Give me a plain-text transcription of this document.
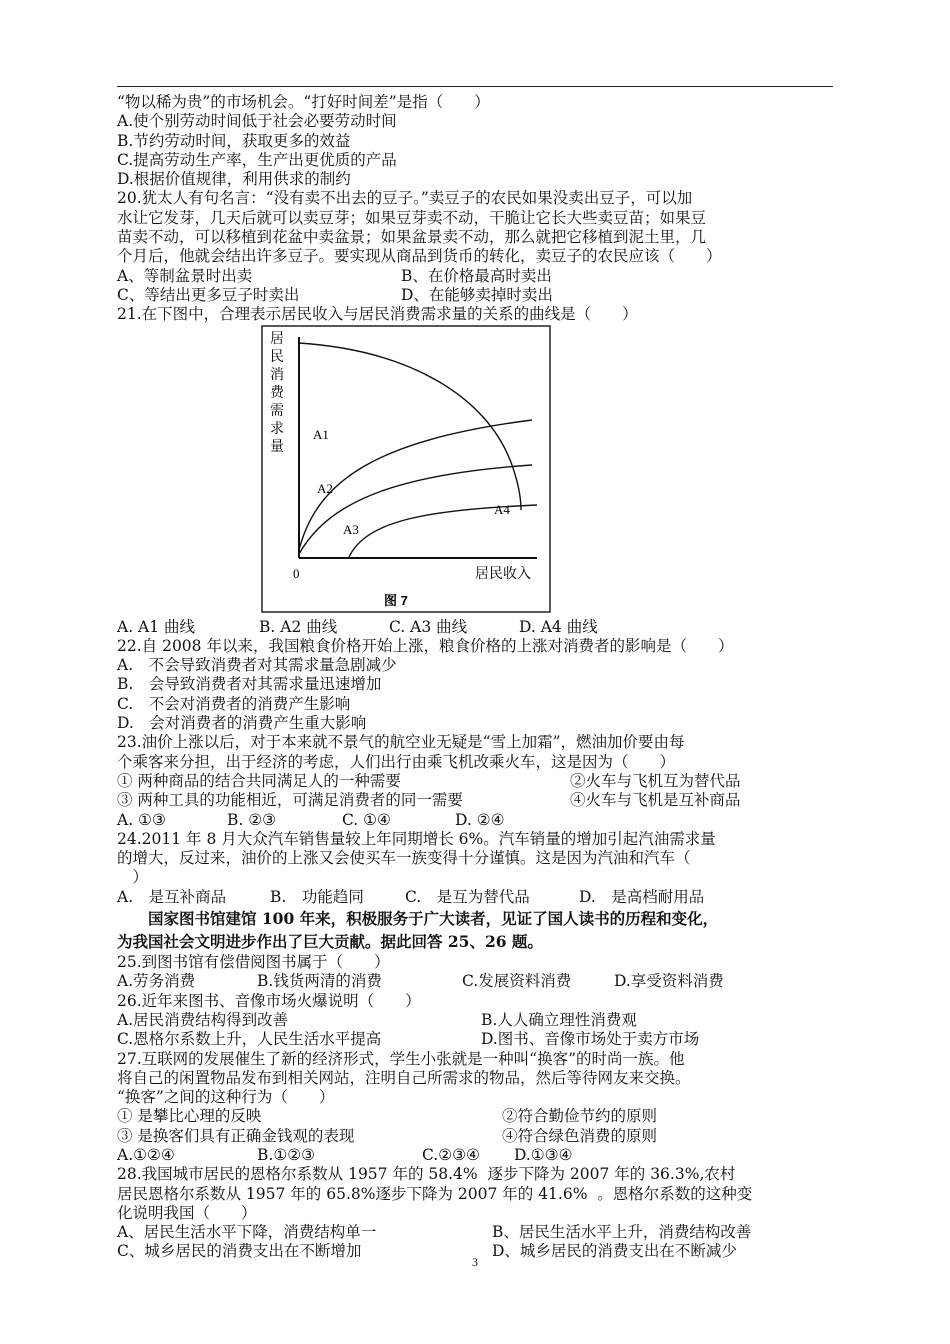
“物以稀为贵”的市场机会。“打好时间差”是指（　　）
A.使个别劳动时间低于社会必要劳动时间
B.节约劳动时间，获取更多的效益
C.提高劳动生产率，生产出更优质的产品
D.根据价值规律，利用供求的制约
20.犹太人有句名言：“没有卖不出去的豆子。”卖豆子的农民如果没卖出豆子，可以加
水让它发芽，几天后就可以卖豆芽；如果豆芽卖不动，干脆让它长大些卖豆苗；如果豆
苗卖不动，可以移植到花盆中卖盆景；如果盆景卖不动，那么就把它移植到泥土里，几
个月后，他就会结出许多豆子。要实现从商品到货币的转化，卖豆子的农民应该（　　）

A、等制盆景时出卖

	B、在价格最高时卖出

C、等结出更多豆子时卖出

	D、在能够卖掉时卖出

21.在下图中，合理表示居民收入与居民消费需求量的关系的曲线是（　　）
居 民 消 费 需 求 量
A1
A2
A3
A4
0	居民收入
图 7

A. A1 曲线

	B. A2 曲线

	C. A3 曲线

	D. A4 曲线

22.自 2008 年以来，我国粮食价格开始上涨，粮食价格的上涨对消费者的影响是（　　）
A.　不会导致消费者对其需求量急剧减少
B.　会导致消费者对其需求量迅速增加
C.　不会对消费者的消费产生影响
D.　会对消费者的消费产生重大影响
23.油价上涨以后，对于本来就不景气的航空业无疑是“雪上加霜”，燃油加价要由每
个乘客来分担，出于经济的考虑，人们出行由乘飞机改乘火车，这是因为（　　）

① 两种商品的结合共同满足人的一种需要

	②火车与飞机互为替代品

③ 两种工具的功能相近，可满足消费者的同一需要

	④火车与飞机是互补商品

A. ①③

	B. ②③

	C. ①④

	D. ②④

24.2011 年 8 月大众汽车销售量较上年同期增长 6%。汽车销量的增加引起汽油需求量
的增大，反过来，油价的上涨又会使买车一族变得十分谨慎。这是因为汽油和汽车（
　）

A.　是互补商品

	B.　功能趋同

	C.　是互为替代品

	D.　是高档耐用品

　　国家图书馆建馆 100 年来，积极服务于广大读者，见证了国人读书的历程和变化，
为我国社会文明进步作出了巨大贡献。据此回答 25、26 题。
25.到图书馆有偿借阅图书属于（　　）

A.劳务消费

	B.钱货两清的消费

	C.发展资料消费

	D.享受资料消费

26.近年来图书、音像市场火爆说明（　　）

A.居民消费结构得到改善

	B.人人确立理性消费观

C.恩格尔系数上升，人民生活水平提高

	D.图书、音像市场处于卖方市场

27.互联网的发展催生了新的经济形式，学生小张就是一种叫“换客”的时尚一族。他
将自己的闲置物品发布到相关网站，注明自己所需求的物品，然后等待网友来交换。
“换客”之间的这种行为（　　）

① 是攀比心理的反映

	②符合勤俭节约的原则

③ 是换客们具有正确金钱观的表现

	④符合绿色消费的原则

A.①②④

	B.①②③

	C.②③④

D.①③④

28.我国城市居民的恩格尔系数从 1957 年的 58.4%  逐步下降为 2007 年的 36.3%,农村
居民恩格尔系数从 1957 年的 65.8%逐步下降为 2007 年的 41.6%  。恩格尔系数的这种变
化说明我国（　　）

A、居民生活水平下降，消费结构单一

	B、居民生活水平上升，消费结构改善

C、城乡居民的消费支出在不断增加

	D、城乡居民的消费支出在不断减少

3
